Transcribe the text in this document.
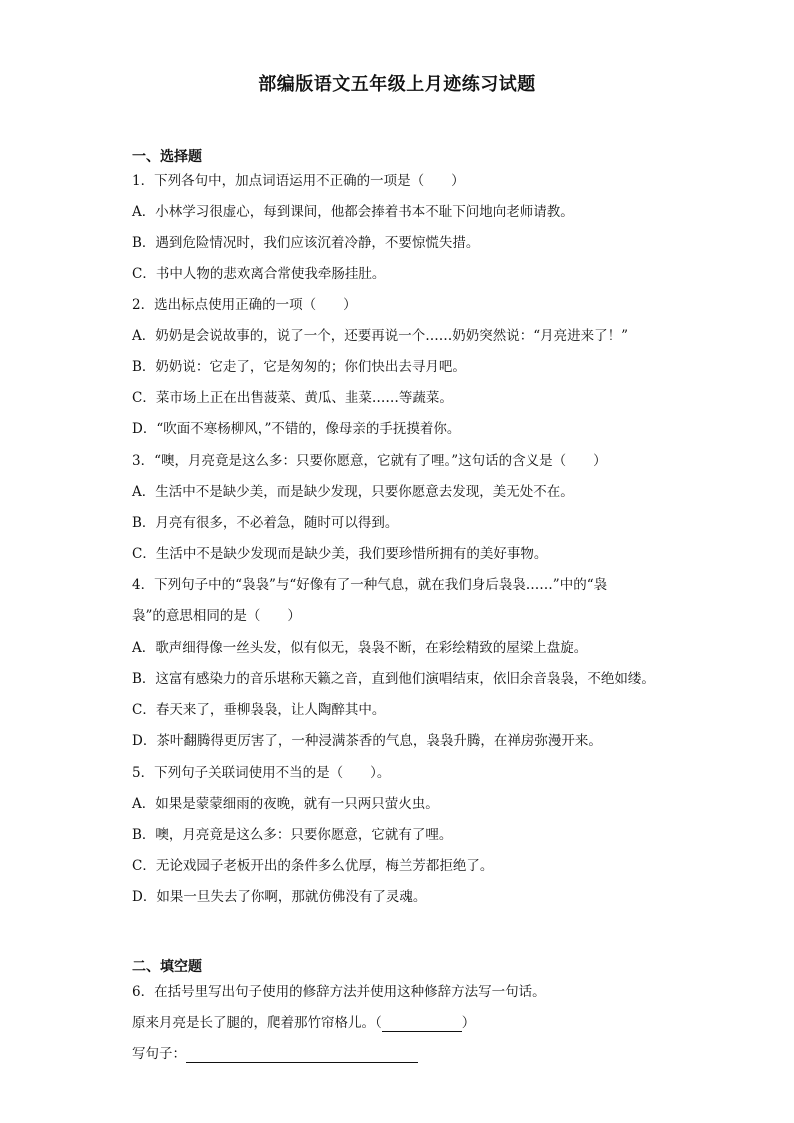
部编版语文五年级上月迹练习试题
一、选择题
1．下列各句中，加点词语运用不正确的一项是（　　）
A．小林学习很虚心，每到课间，他都会捧着书本不耻下问地向老师请教。
B．遇到危险情况时，我们应该沉着冷静，不要惊慌失措。
C．书中人物的悲欢离合常使我牵肠挂肚。
2．选出标点使用正确的一项（　　）
A．奶奶是会说故事的，说了一个，还要再说一个……奶奶突然说：“月亮进来了！”
B．奶奶说：它走了，它是匆匆的；你们快出去寻月吧。
C．菜市场上正在出售菠菜、黄瓜、韭菜……等蔬菜。
D．“吹面不寒杨柳风，”不错的，像母亲的手抚摸着你。
3．“噢，月亮竟是这么多：只要你愿意，它就有了哩。”这句话的含义是（　　）
A．生活中不是缺少美，而是缺少发现，只要你愿意去发现，美无处不在。
B．月亮有很多，不必着急，随时可以得到。
C．生活中不是缺少发现而是缺少美，我们要珍惜所拥有的美好事物。
4．下列句子中的“袅袅”与“好像有了一种气息，就在我们身后袅袅……”中的“袅
袅”的意思相同的是（　　）
A．歌声细得像一丝头发，似有似无，袅袅不断，在彩绘精致的屋梁上盘旋。
B．这富有感染力的音乐堪称天籁之音，直到他们演唱结束，依旧余音袅袅，不绝如缕。
C．春天来了，垂柳袅袅，让人陶醉其中。
D．茶叶翻腾得更厉害了，一种浸满茶香的气息，袅袅升腾，在禅房弥漫开来。
5．下列句子关联词使用不当的是（　　）。
A．如果是蒙蒙细雨的夜晚，就有一只两只萤火虫。
B．噢，月亮竟是这么多：只要你愿意，它就有了哩。
C．无论戏园子老板开出的条件多么优厚，梅兰芳都拒绝了。
D．如果一旦失去了你啊，那就仿佛没有了灵魂。
二、填空题
6．在括号里写出句子使用的修辞方法并使用这种修辞方法写一句话。
原来月亮是长了腿的，爬着那竹帘格儿。（	）
写句子：
